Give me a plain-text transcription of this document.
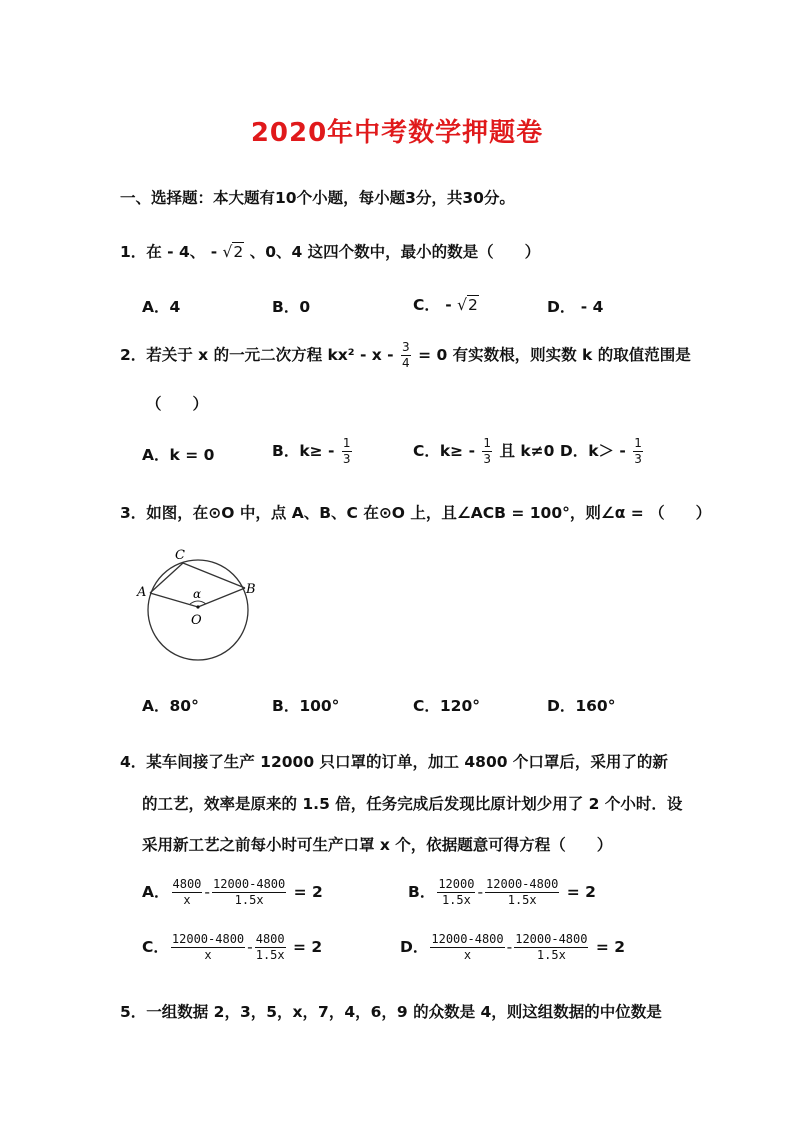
2020年中考数学押题卷
一、选择题：本大题有10个小题，每小题3分，共30分。
1．在 - 4、 - √2 、0、4 这四个数中，最小的数是（　　）
A．4	B．0	C． - √2	D． - 4
2．若关于 x 的一元二次方程 $kx^2 - x - \frac{3}{4} = 0$ 有实数根，则实数 k 的取值范围是
（　　）
A．k = 0	B．$k\ge - \frac{1}{3}$	C．$k\ge - \frac{1}{3}$ 且 k≠0 D．$k> - \frac{1}{3}$
3．如图，在⊙O 中，点 A、B、C 在⊙O 上，且∠ACB = 100°，则∠α = （　　）
A
C
B
O
α
A．80°	B．100°	C．120°	D．160°
4．某车间接了生产 12000 只口罩的订单，加工 4800 个口罩后，采用了的新
的工艺，效率是原来的 1.5 倍，任务完成后发现比原计划少用了 2 个小时．设
采用新工艺之前每小时可生产口罩 x 个，依据题意可得方程（　　）
A． $\frac{4800}{x} - \frac{12000-4800}{1.5x} = 2$	B． $\frac{12000}{1.5x} - \frac{12000-4800}{1.5x} = 2$
C． $\frac{12000-4800}{x} - \frac{4800}{1.5x} = 2$	D． $\frac{12000-4800}{x} - \frac{12000-4800}{1.5x} = 2$
5．一组数据 2，3，5，x，7，4，6，9 的众数是 4，则这组数据的中位数是
